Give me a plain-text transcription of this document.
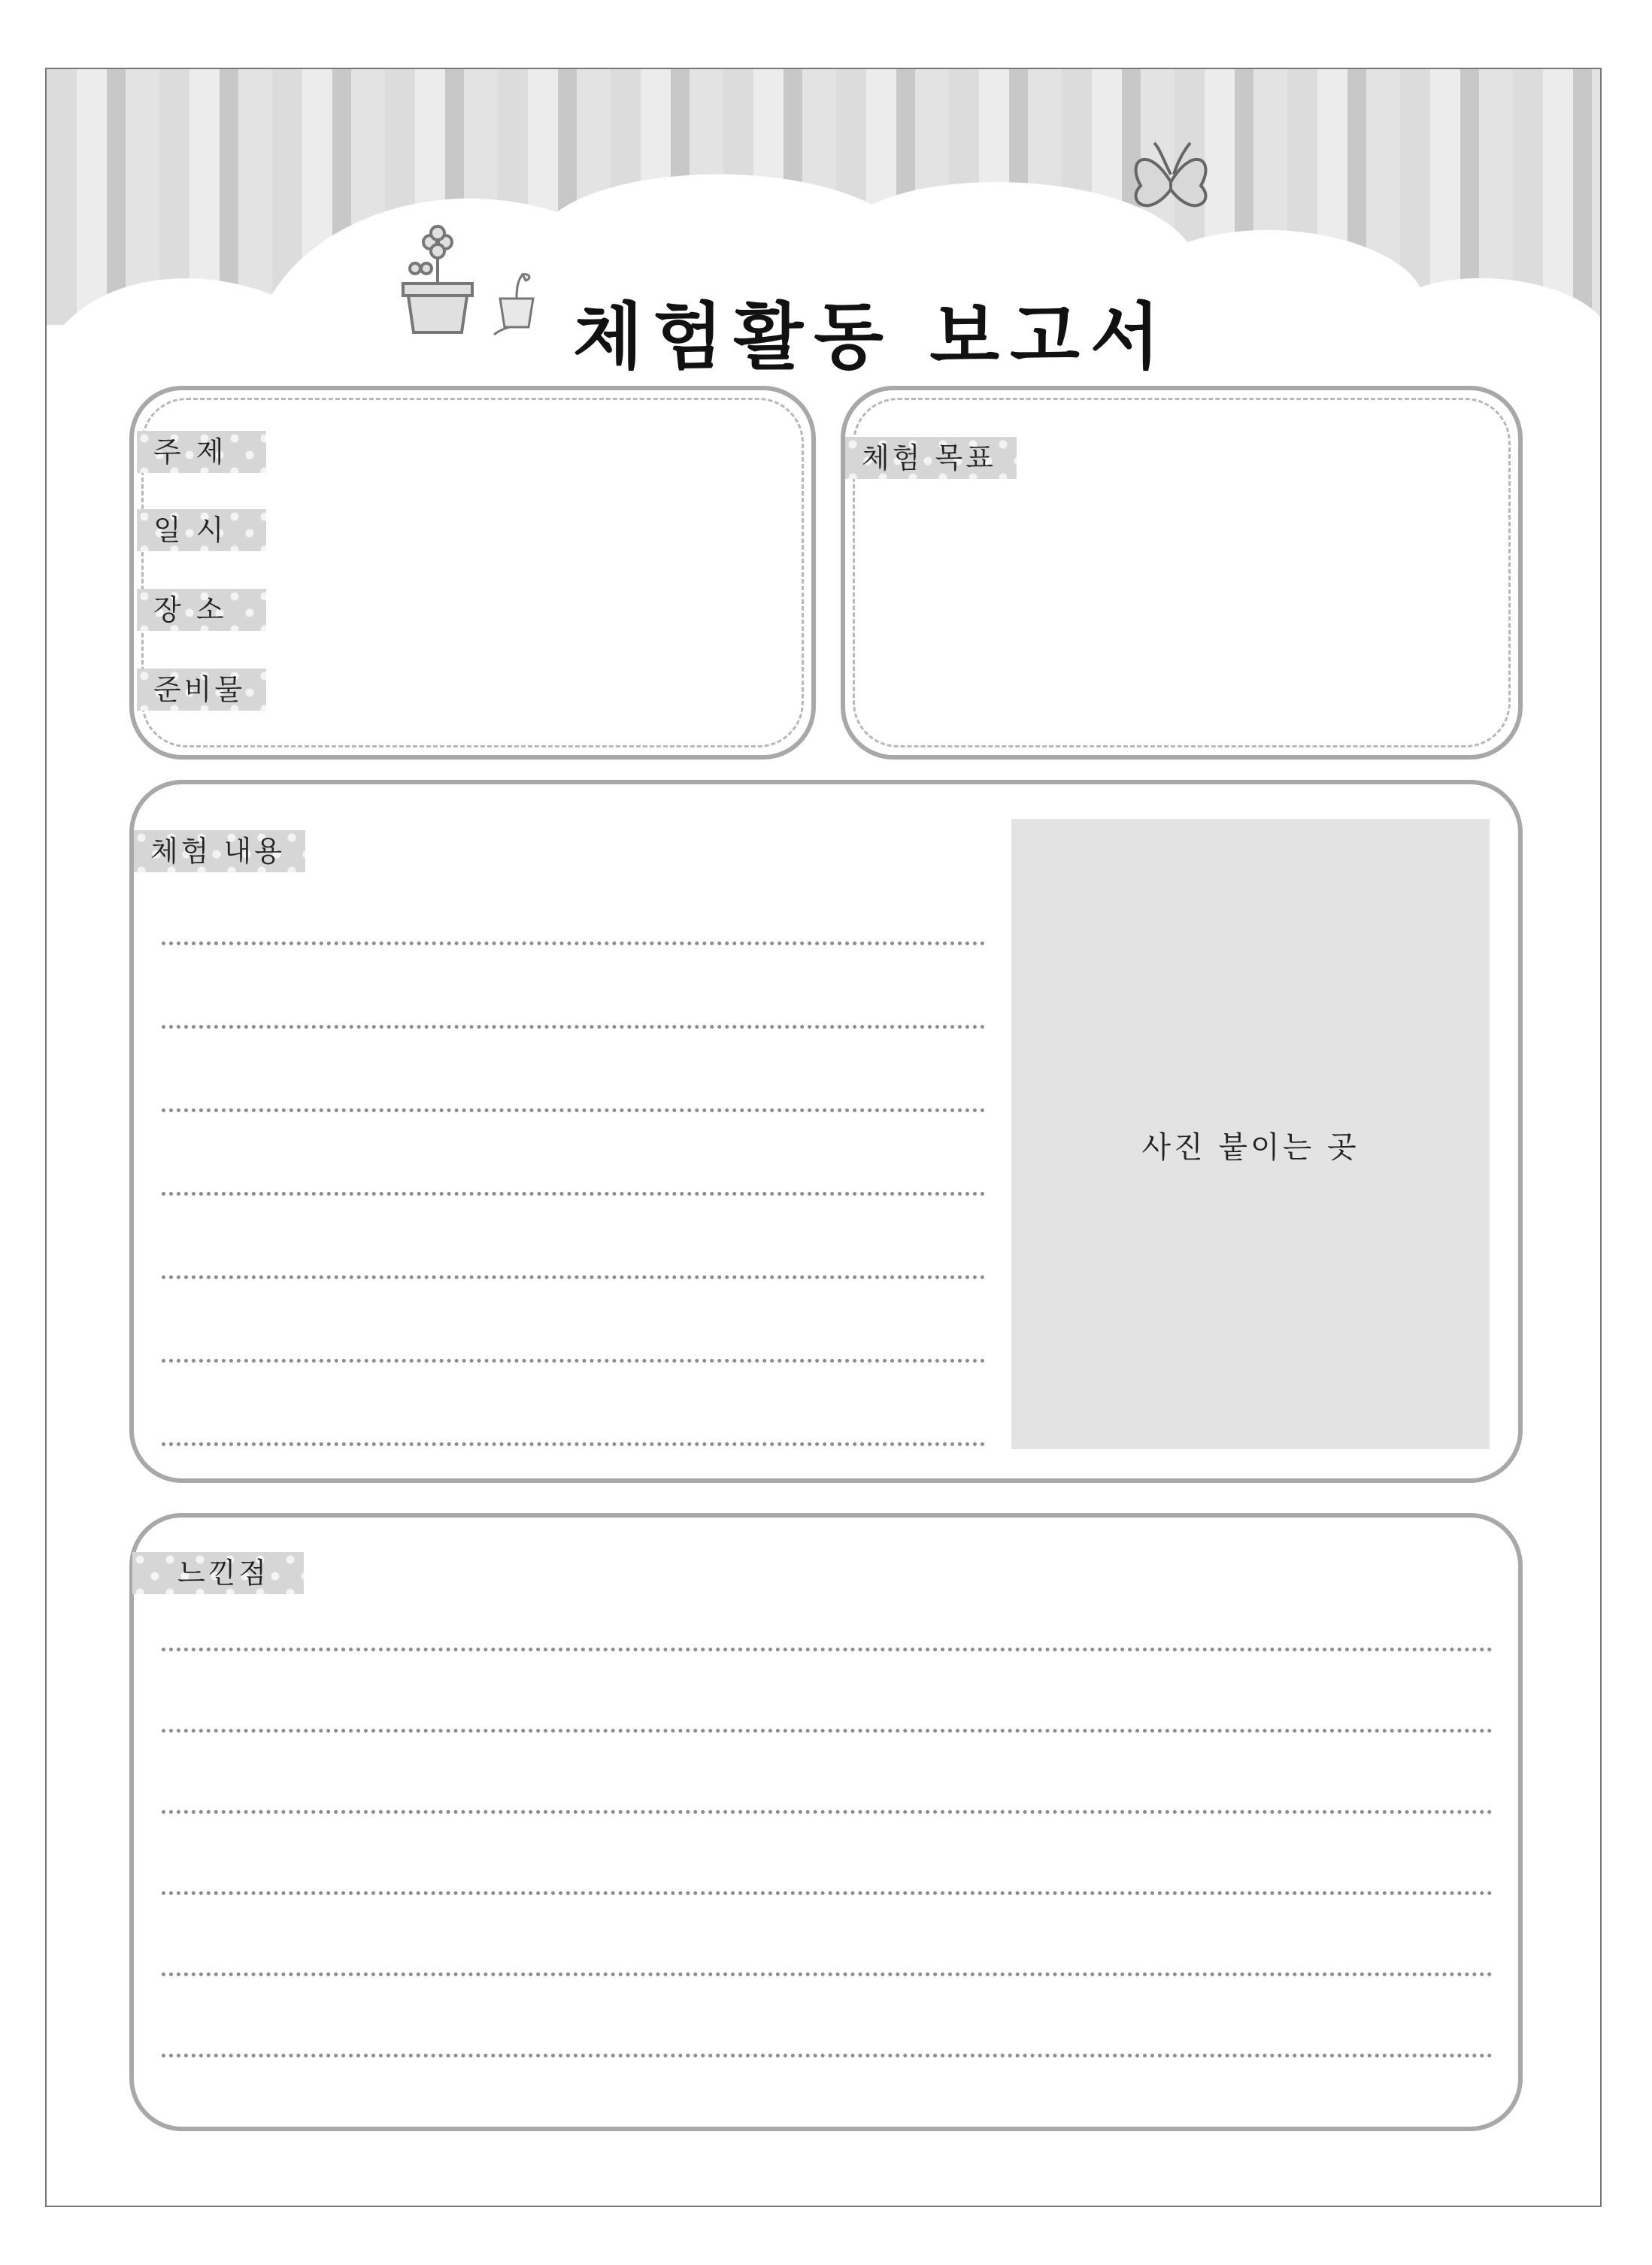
체험활동 보고서
주 제
일 시
장 소
준비물
체험 목표
체험 내용
사진 붙이는 곳
느낀점
